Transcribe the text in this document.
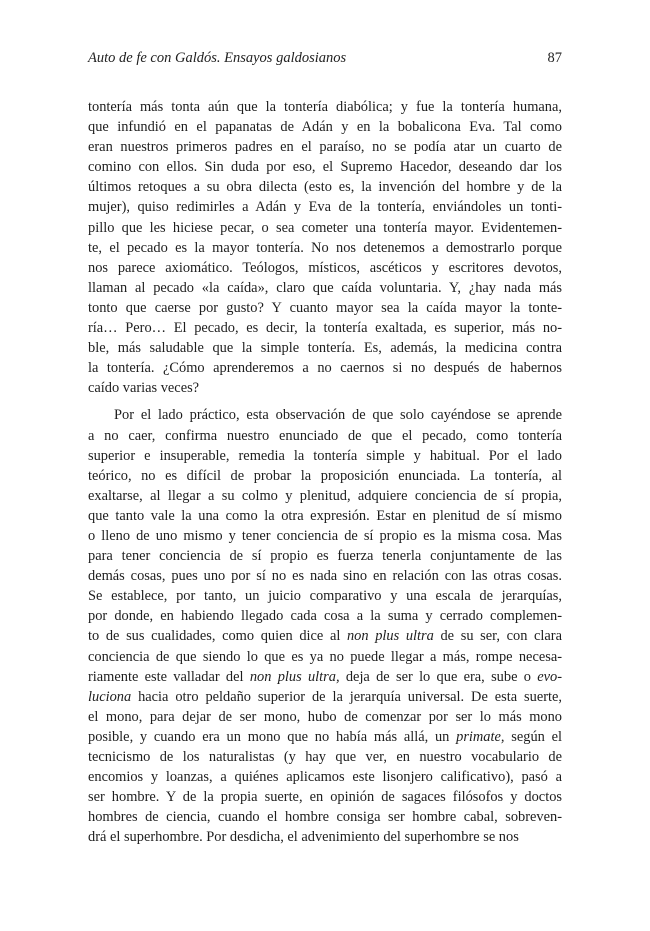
Auto de fe con Galdós. Ensayos galdosianos	87
tontería más tonta aún que la tontería diabólica; y fue la tontería humana,
que infundió en el papanatas de Adán y en la bobalicona Eva. Tal como
eran nuestros primeros padres en el paraíso, no se podía atar un cuarto de
comino con ellos. Sin duda por eso, el Supremo Hacedor, deseando dar los
últimos retoques a su obra dilecta (esto es, la invención del hombre y de la
mujer), quiso redimirles a Adán y Eva de la tontería, enviándoles un tonti-
pillo que les hiciese pecar, o sea cometer una tontería mayor. Evidentemen-
te, el pecado es la mayor tontería. No nos detenemos a demostrarlo porque
nos parece axiomático. Teólogos, místicos, ascéticos y escritores devotos,
llaman al pecado «la caída», claro que caída voluntaria. Y, ¿hay nada más
tonto que caerse por gusto? Y cuanto mayor sea la caída mayor la tonte-
ría… Pero… El pecado, es decir, la tontería exaltada, es superior, más no-
ble, más saludable que la simple tontería. Es, además, la medicina contra
la tontería. ¿Cómo aprenderemos a no caernos si no después de habernos
caído varias veces?
Por el lado práctico, esta observación de que solo cayéndose se aprende
a no caer, confirma nuestro enunciado de que el pecado, como tontería
superior e insuperable, remedia la tontería simple y habitual. Por el lado
teórico, no es difícil de probar la proposición enunciada. La tontería, al
exaltarse, al llegar a su colmo y plenitud, adquiere conciencia de sí propia,
que tanto vale la una como la otra expresión. Estar en plenitud de sí mismo
o lleno de uno mismo y tener conciencia de sí propio es la misma cosa. Mas
para tener conciencia de sí propio es fuerza tenerla conjuntamente de las
demás cosas, pues uno por sí no es nada sino en relación con las otras cosas.
Se establece, por tanto, un juicio comparativo y una escala de jerarquías,
por donde, en habiendo llegado cada cosa a la suma y cerrado complemen-
to de sus cualidades, como quien dice al non plus ultra de su ser, con clara
conciencia de que siendo lo que es ya no puede llegar a más, rompe necesa-
riamente este valladar del non plus ultra, deja de ser lo que era, sube o evo-
luciona hacia otro peldaño superior de la jerarquía universal. De esta suerte,
el mono, para dejar de ser mono, hubo de comenzar por ser lo más mono
posible, y cuando era un mono que no había más allá, un primate, según el
tecnicismo de los naturalistas (y hay que ver, en nuestro vocabulario de
encomios y loanzas, a quiénes aplicamos este lisonjero calificativo), pasó a
ser hombre. Y de la propia suerte, en opinión de sagaces filósofos y doctos
hombres de ciencia, cuando el hombre consiga ser hombre cabal, sobreven-
drá el superhombre. Por desdicha, el advenimiento del superhombre se nos
